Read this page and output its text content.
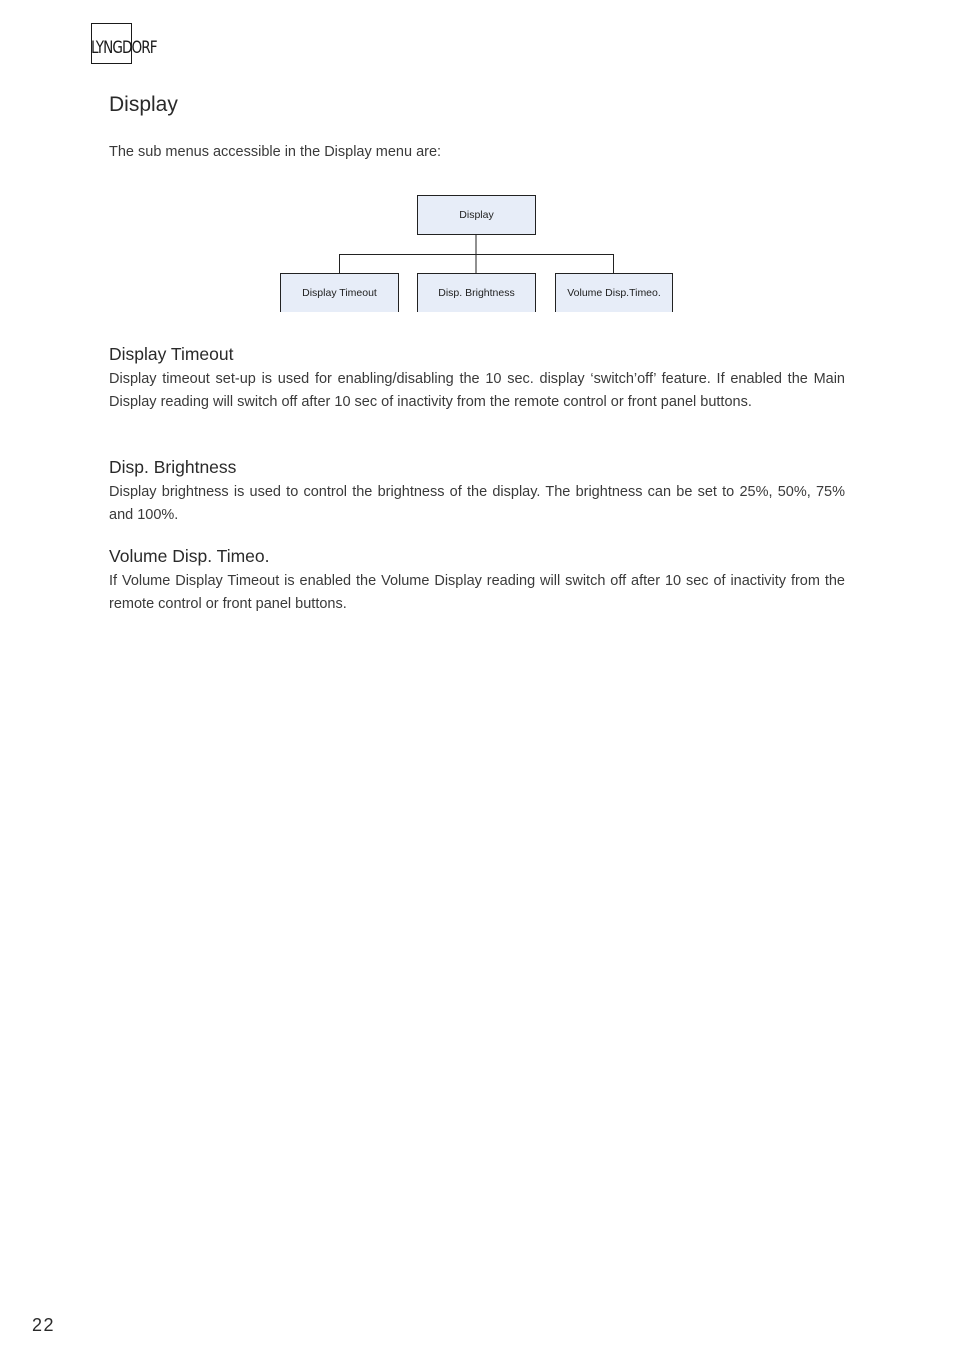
LYNGDORF
Display

The sub menus accessible in the Display menu are:

Display
Display Timeout	Disp. Brightness	Volume Disp.Timeo.
Display Timeout

Display timeout set-up is used for enabling/disabling the 10 sec. display ‘switch’off’ feature. If enabled the Main Display reading will switch off after 10 sec of inactivity from the remote control or front panel buttons.

Disp. Brightness

Display brightness is used to control the brightness of the display. The brightness can be set to 25%, 50%, 75% and 100%.

Volume Disp. Timeo.

If Volume Display Timeout is enabled the Volume Display reading will switch off after 10 sec of inactivity from the remote control or front panel buttons.

22
